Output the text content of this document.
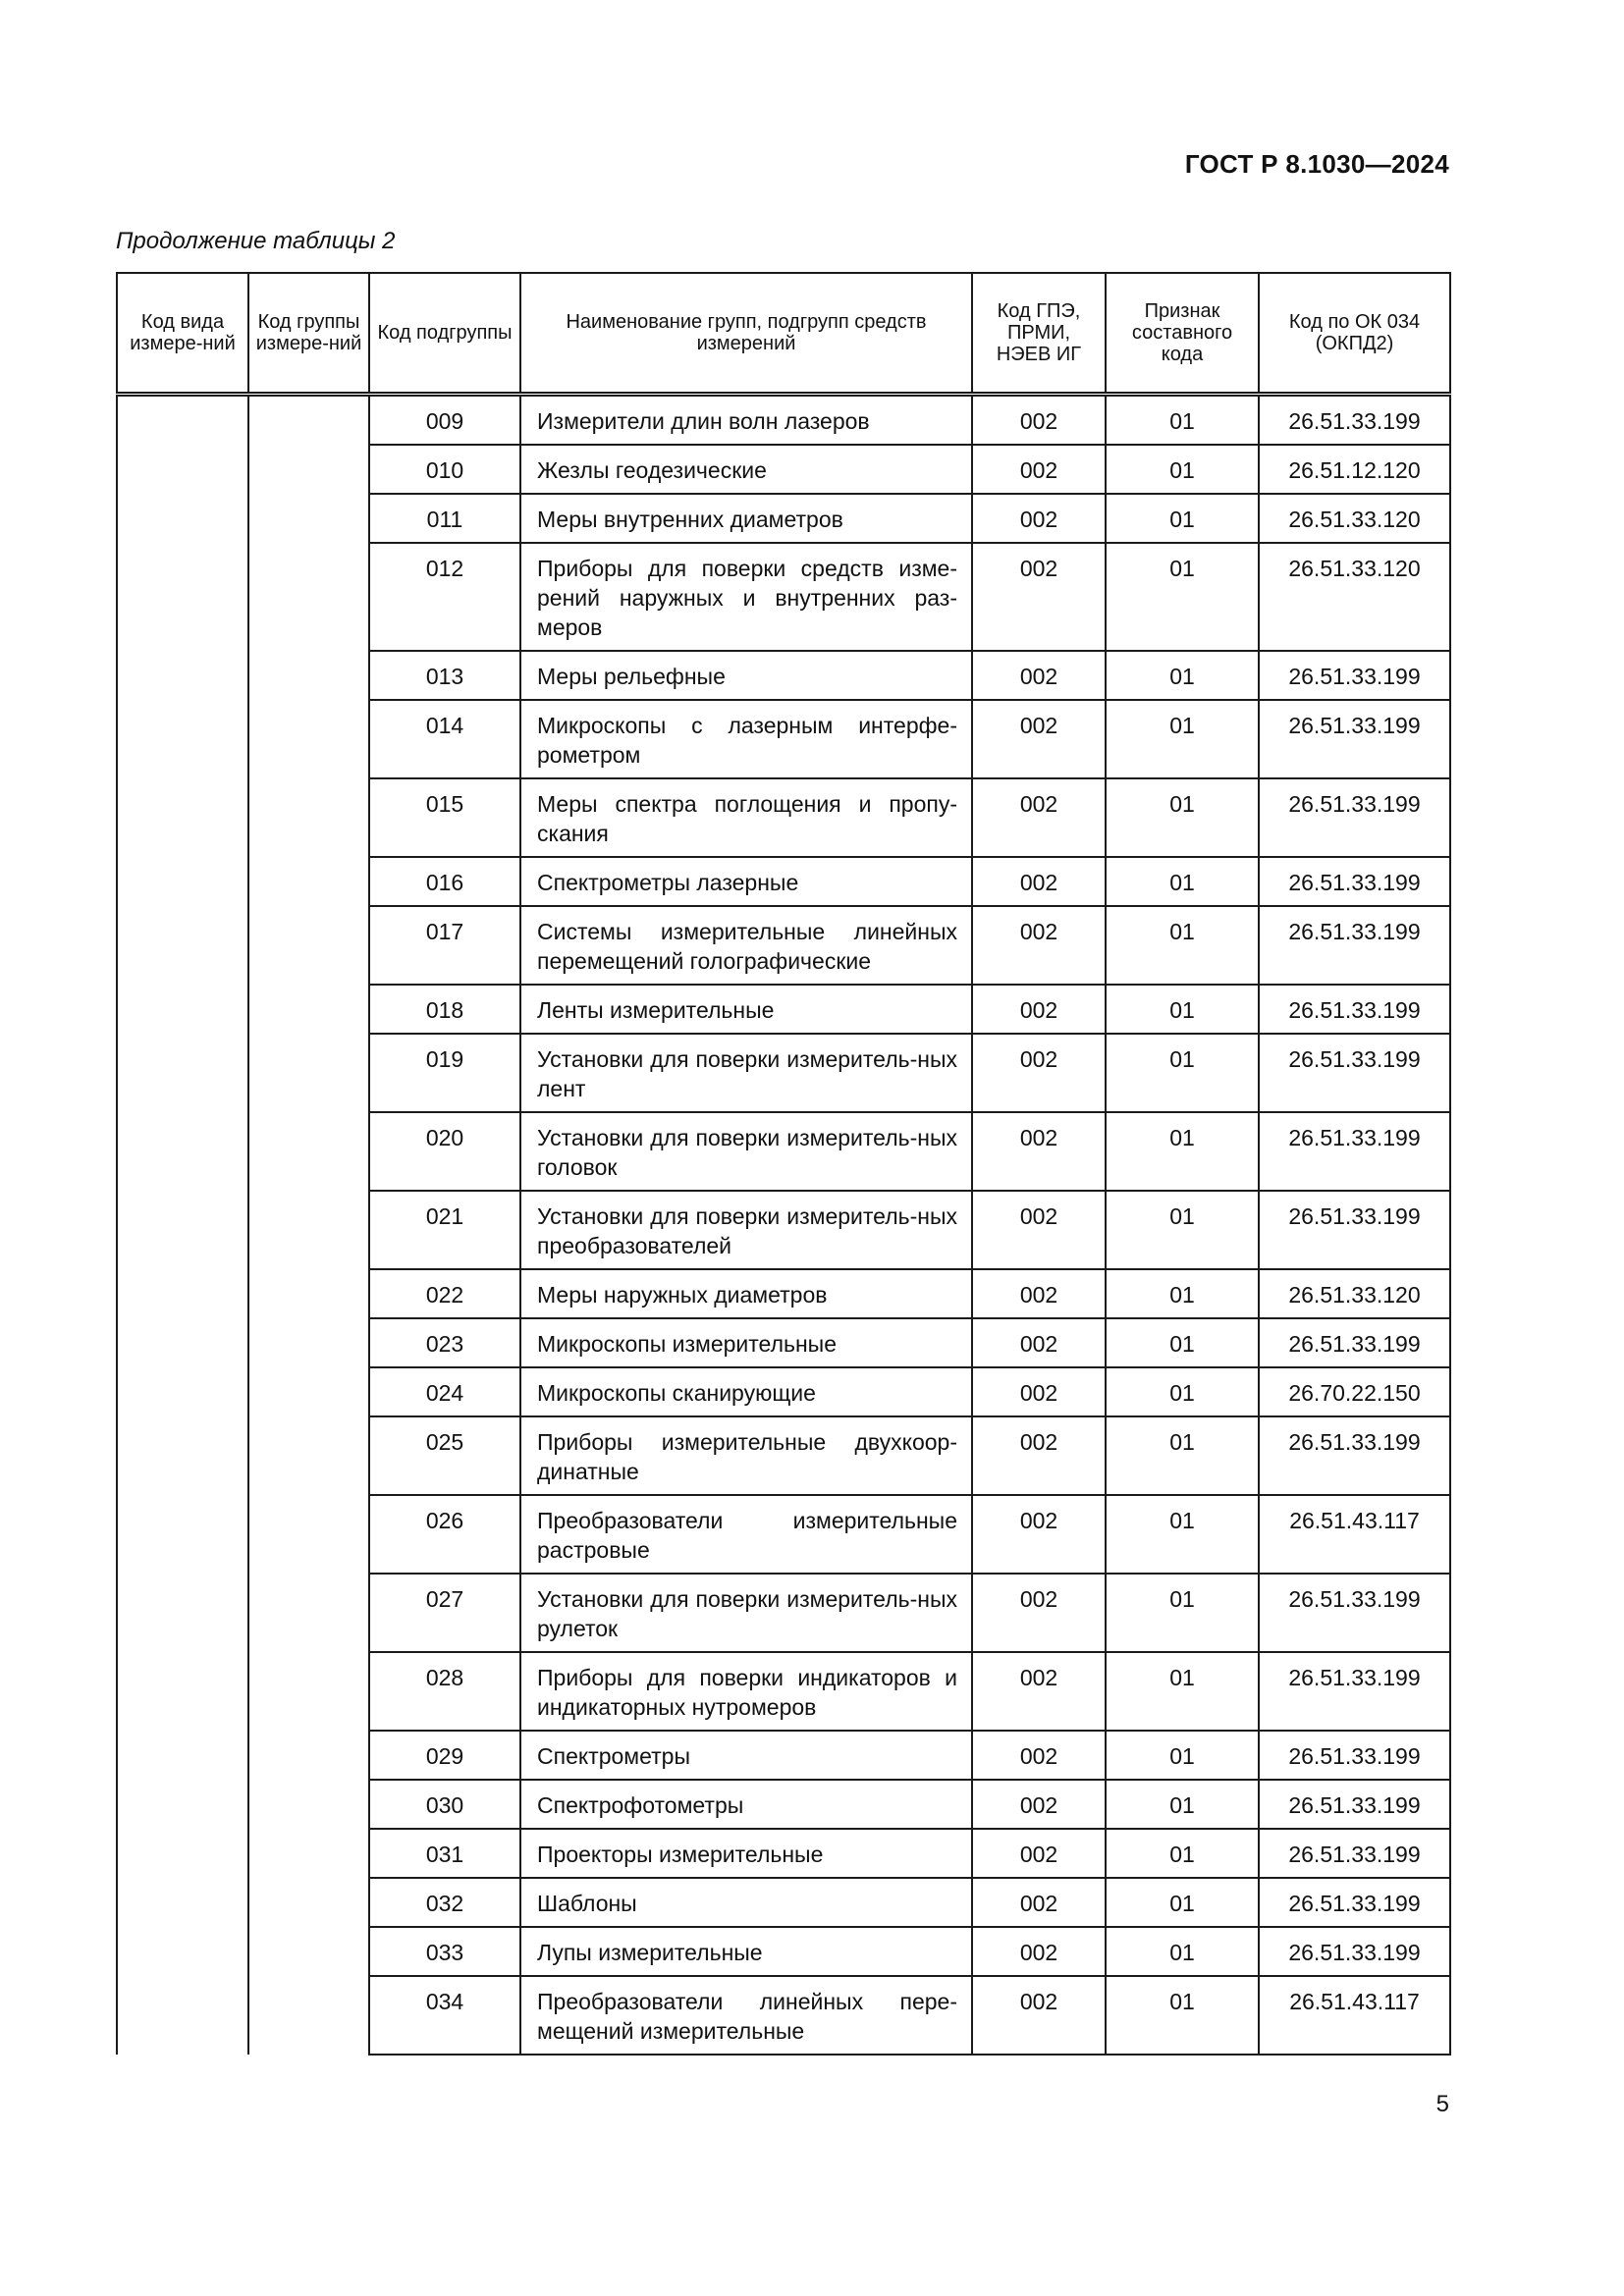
ГОСТ Р 8.1030—2024
Продолжение таблицы 2
Код вида измере-ний	Код группы измере-ний	Код подгруппы	Наименование групп, подгрупп средств измерений	Код ГПЭ, ПРМИ, НЭЕВ ИГ	Признак составного кода	Код по ОК 034 (ОКПД2)
		009	Измерители длин волн лазеров	002	01	26.51.33.199
		010	Жезлы геодезические	002	01	26.51.12.120
		011	Меры внутренних диаметров	002	01	26.51.33.120
		012	Приборы для поверки средств изме-рений наружных и внутренних раз-меров	002	01	26.51.33.120
		013	Меры рельефные	002	01	26.51.33.199
		014	Микроскопы с лазерным интерфе-рометром	002	01	26.51.33.199
		015	Меры спектра поглощения и пропу-скания	002	01	26.51.33.199
		016	Спектрометры лазерные	002	01	26.51.33.199
		017	Системы измерительные линейных перемещений голографические	002	01	26.51.33.199
		018	Ленты измерительные	002	01	26.51.33.199
		019	Установки для поверки измеритель-ных лент	002	01	26.51.33.199
		020	Установки для поверки измеритель-ных головок	002	01	26.51.33.199
		021	Установки для поверки измеритель-ных преобразователей	002	01	26.51.33.199
		022	Меры наружных диаметров	002	01	26.51.33.120
		023	Микроскопы измерительные	002	01	26.51.33.199
		024	Микроскопы сканирующие	002	01	26.70.22.150
		025	Приборы измерительные двухкоор-динатные	002	01	26.51.33.199
		026	Преобразователи измерительные растровые	002	01	26.51.43.117
		027	Установки для поверки измеритель-ных рулеток	002	01	26.51.33.199
		028	Приборы для поверки индикаторов и индикаторных нутромеров	002	01	26.51.33.199
		029	Спектрометры	002	01	26.51.33.199
		030	Спектрофотометры	002	01	26.51.33.199
		031	Проекторы измерительные	002	01	26.51.33.199
		032	Шаблоны	002	01	26.51.33.199
		033	Лупы измерительные	002	01	26.51.33.199
		034	Преобразователи линейных пере-мещений измерительные	002	01	26.51.43.117
5
